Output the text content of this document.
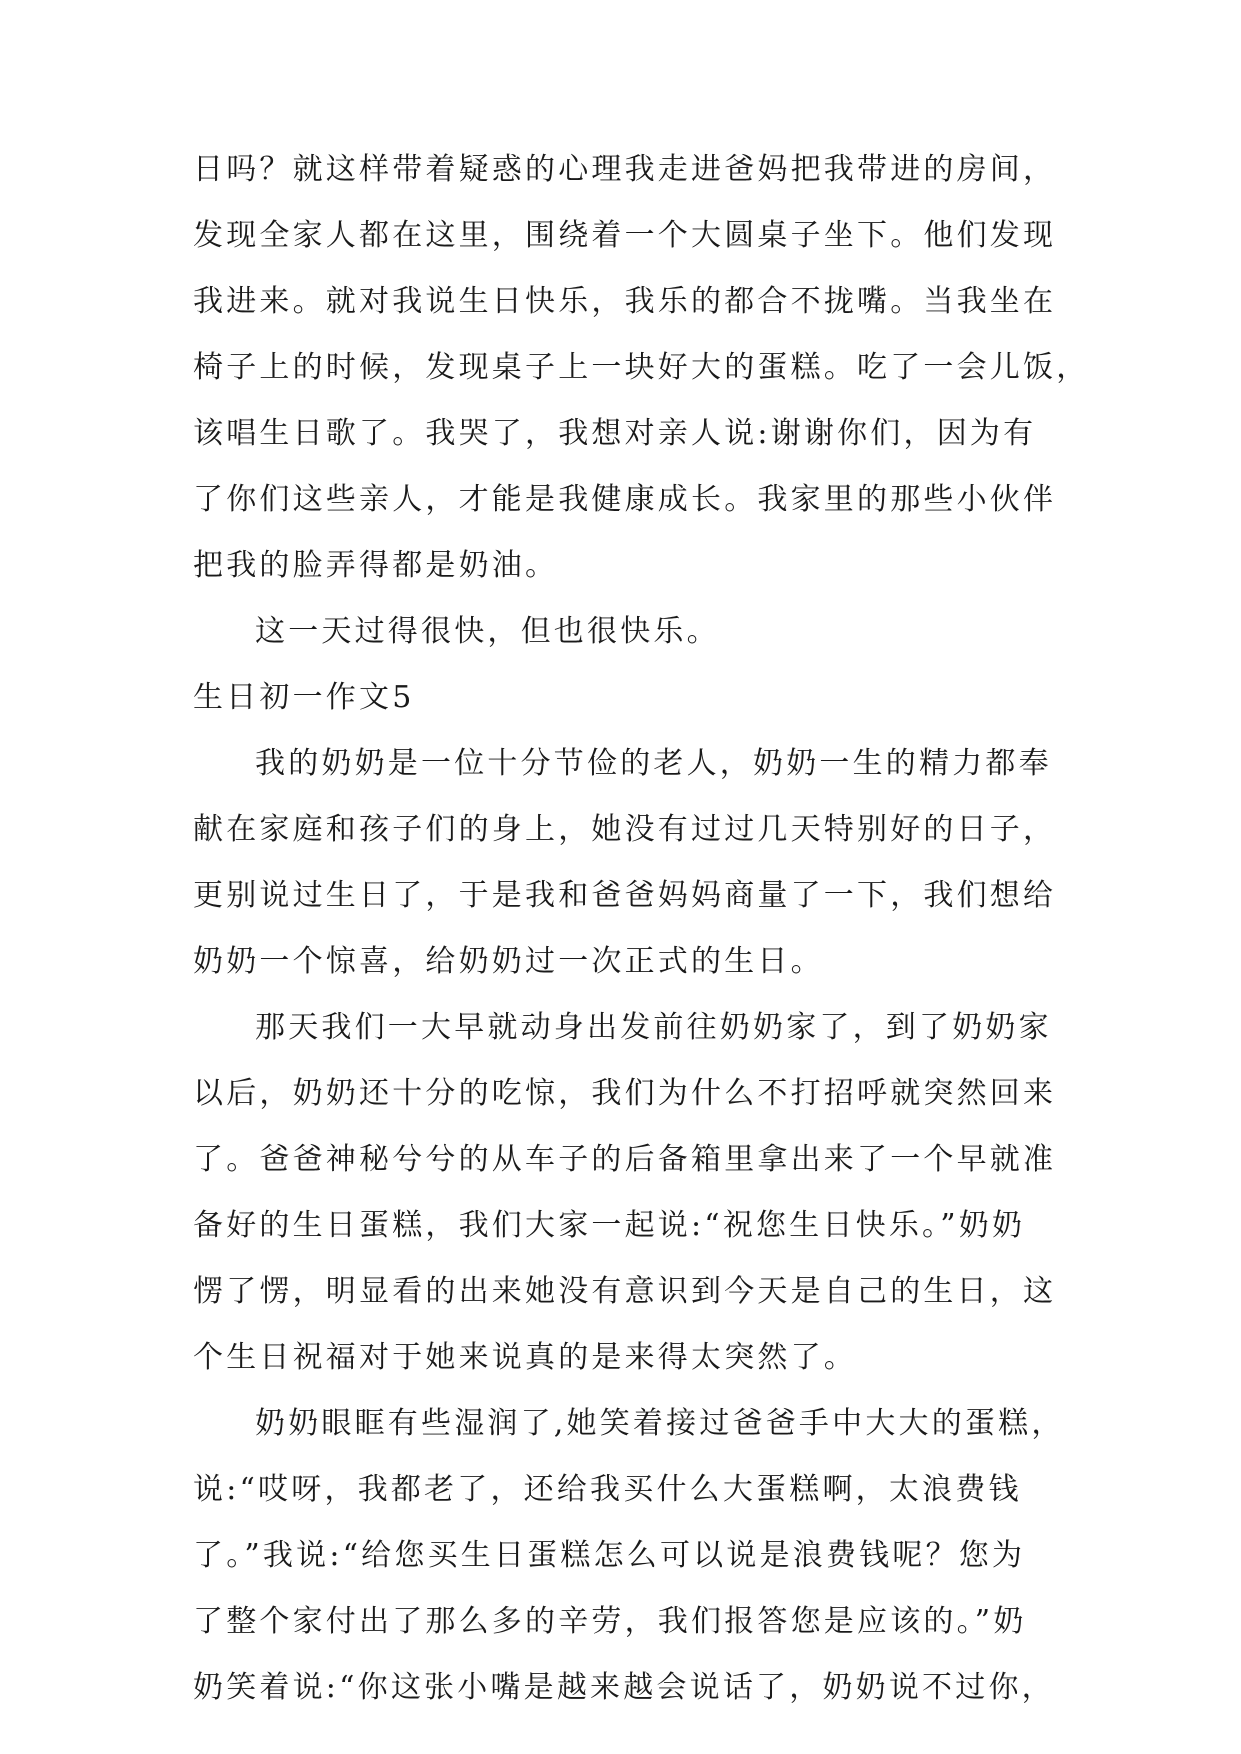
日吗？就这样带着疑惑的心理我走进爸妈把我带进的房间，
发现全家人都在这里，围绕着一个大圆桌子坐下。他们发现
我进来。就对我说生日快乐，我乐的都合不拢嘴。当我坐在
椅子上的时候，发现桌子上一块好大的蛋糕。吃了一会儿饭，
该唱生日歌了。我哭了，我想对亲人说:谢谢你们，因为有
了你们这些亲人，才能是我健康成长。我家里的那些小伙伴
把我的脸弄得都是奶油。
这一天过得很快，但也很快乐。
生日初一作文5
我的奶奶是一位十分节俭的老人，奶奶一生的精力都奉
献在家庭和孩子们的身上，她没有过过几天特别好的日子，
更别说过生日了，于是我和爸爸妈妈商量了一下，我们想给
奶奶一个惊喜，给奶奶过一次正式的生日。
那天我们一大早就动身出发前往奶奶家了，到了奶奶家
以后，奶奶还十分的吃惊，我们为什么不打招呼就突然回来
了。爸爸神秘兮兮的从车子的后备箱里拿出来了一个早就准
备好的生日蛋糕，我们大家一起说:“祝您生日快乐。”奶奶
愣了愣，明显看的出来她没有意识到今天是自己的生日，这
个生日祝福对于她来说真的是来得太突然了。
奶奶眼眶有些湿润了,她笑着接过爸爸手中大大的蛋糕，
说:“哎呀，我都老了，还给我买什么大蛋糕啊，太浪费钱
了。”我说:“给您买生日蛋糕怎么可以说是浪费钱呢？您为
了整个家付出了那么多的辛劳，我们报答您是应该的。”奶
奶笑着说:“你这张小嘴是越来越会说话了，奶奶说不过你，
